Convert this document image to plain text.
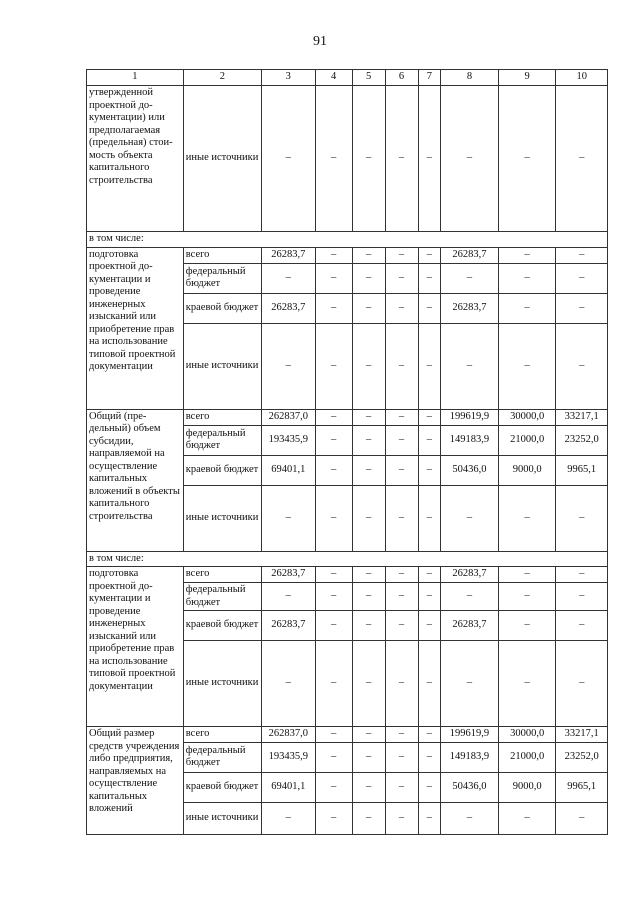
91
1	2	3	4	5	6	7	8	9	10
утвержденной проектной документации) или предполагаемая (предельная) стоимость объекта капитального строительства	иные источники	–	–	–	–	–	–	–	–
в том числе:									
подготовка проектной документации и проведение инженерных изысканий или приобретение прав на использование типовой проектной документации	всего	26283,7	–	–	–	–	26283,7	–	–
	федеральный бюджет	–	–	–	–	–	–	–	–
	краевой бюджет	26283,7	–	–	–	–	26283,7	–	–
	иные источники	–	–	–	–	–	–	–	–
Общий (предельный) объем субсидии, направляемой на осуществление капитальных вложений в объекты капитального строительства	всего	262837,0	–	–	–	–	199619,9	30000,0	33217,1
	федеральный бюджет	193435,9	–	–	–	–	149183,9	21000,0	23252,0
	краевой бюджет	69401,1	–	–	–	–	50436,0	9000,0	9965,1
	иные источники	–	–	–	–	–	–	–	–
в том числе:									
подготовка проектной документации и проведение инженерных изысканий или приобретение прав на использование типовой проектной документации	всего	26283,7	–	–	–	–	26283,7	–	–
	федеральный бюджет	–	–	–	–	–	–	–	–
	краевой бюджет	26283,7	–	–	–	–	26283,7	–	–
	иные источники	–	–	–	–	–	–	–	–
Общий размер средств учреждения либо предприятия, направляемых на осуществление капитальных вложений	всего	262837,0	–	–	–	–	199619,9	30000,0	33217,1
	федеральный бюджет	193435,9	–	–	–	–	149183,9	21000,0	23252,0
	краевой бюджет	69401,1	–	–	–	–	50436,0	9000,0	9965,1
	иные источники	–	–	–	–	–	–	–	–
